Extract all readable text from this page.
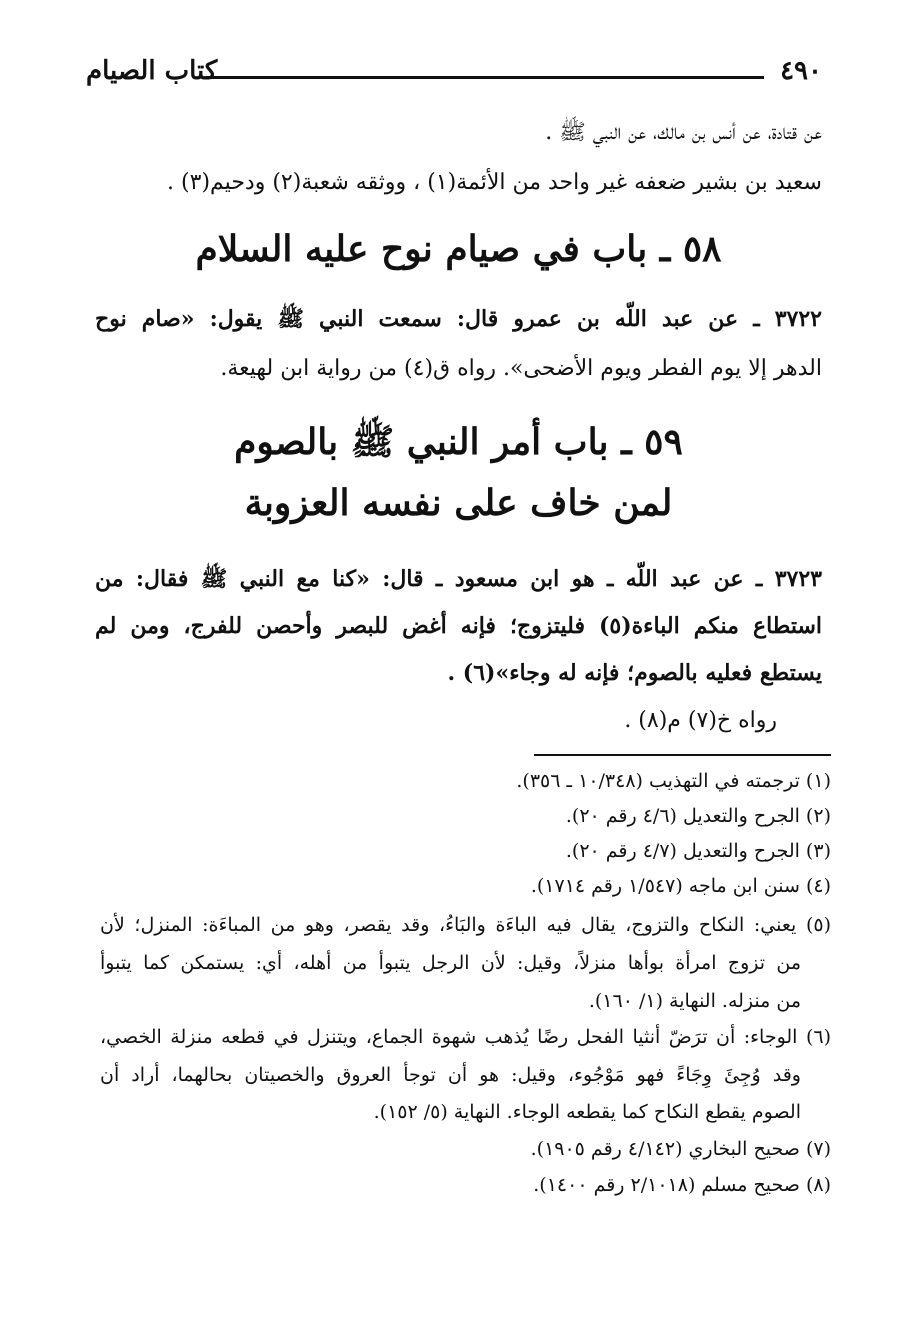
٤٩٠
كتاب الصيام
عن قتادة، عن أنس بن مالك، عن النبي ﷺ .
سعيد بن بشير ضعفه غير واحد من الأئمة(١) ، ووثقه شعبة(٢) ودحيم(٣) .
٥٨ ـ باب في صيام نوح عليه السلام
٣٧٢٢ ـ عن عبد اللّه بن عمرو قال: سمعت النبي ﷺ يقول: «صام نوح
الدهر إلا يوم الفطر ويوم الأضحى». رواه ق(٤) من رواية ابن لهيعة.
٥٩ ـ باب أمر النبي ﷺ بالصوم
لمن خاف على نفسه العزوبة
٣٧٢٣ ـ عن عبد اللّه ـ هو ابن مسعود ـ قال: «كنا مع النبي ﷺ فقال: من
استطاع منكم الباءة(٥) فليتزوج؛ فإنه أغض للبصر وأحصن للفرج، ومن لم
يستطع فعليه بالصوم؛ فإنه له وجاء»(٦) .
رواه خ(٧) م(٨) .
(١) ترجمته في التهذيب (١٠/٣٤٨ ـ ٣٥٦).
(٢) الجرح والتعديل (٤/٦ رقم ٢٠).
(٣) الجرح والتعديل (٤/٧ رقم ٢٠).
(٤) سنن ابن ماجه (١/٥٤٧ رقم ١٧١٤).
(٥) يعني: النكاح والتزوج، يقال فيه الباءَة والبَاءُ، وقد يقصر، وهو من المباءَة: المنزل؛ لأن
من تزوج امرأة بوأها منزلاً، وقيل: لأن الرجل يتبوأ من أهله، أي: يستمكن كما يتبوأ
من منزله. النهاية (١/ ١٦٠).
(٦) الوجاء: أن ترَضّ أنثيا الفحل رضًا يُذهب شهوة الجماع، ويتنزل في قطعه منزلة الخصي،
وقد وُجِئَ وِجَاءً فهو مَوْجُوء، وقيل: هو أن توجأ العروق والخصيتان بحالهما، أراد أن
الصوم يقطع النكاح كما يقطعه الوجاء. النهاية (٥/ ١٥٢).
(٧) صحيح البخاري (٤/١٤٢ رقم ١٩٠٥).
(٨) صحيح مسلم (٢/١٠١٨ رقم ١٤٠٠).
